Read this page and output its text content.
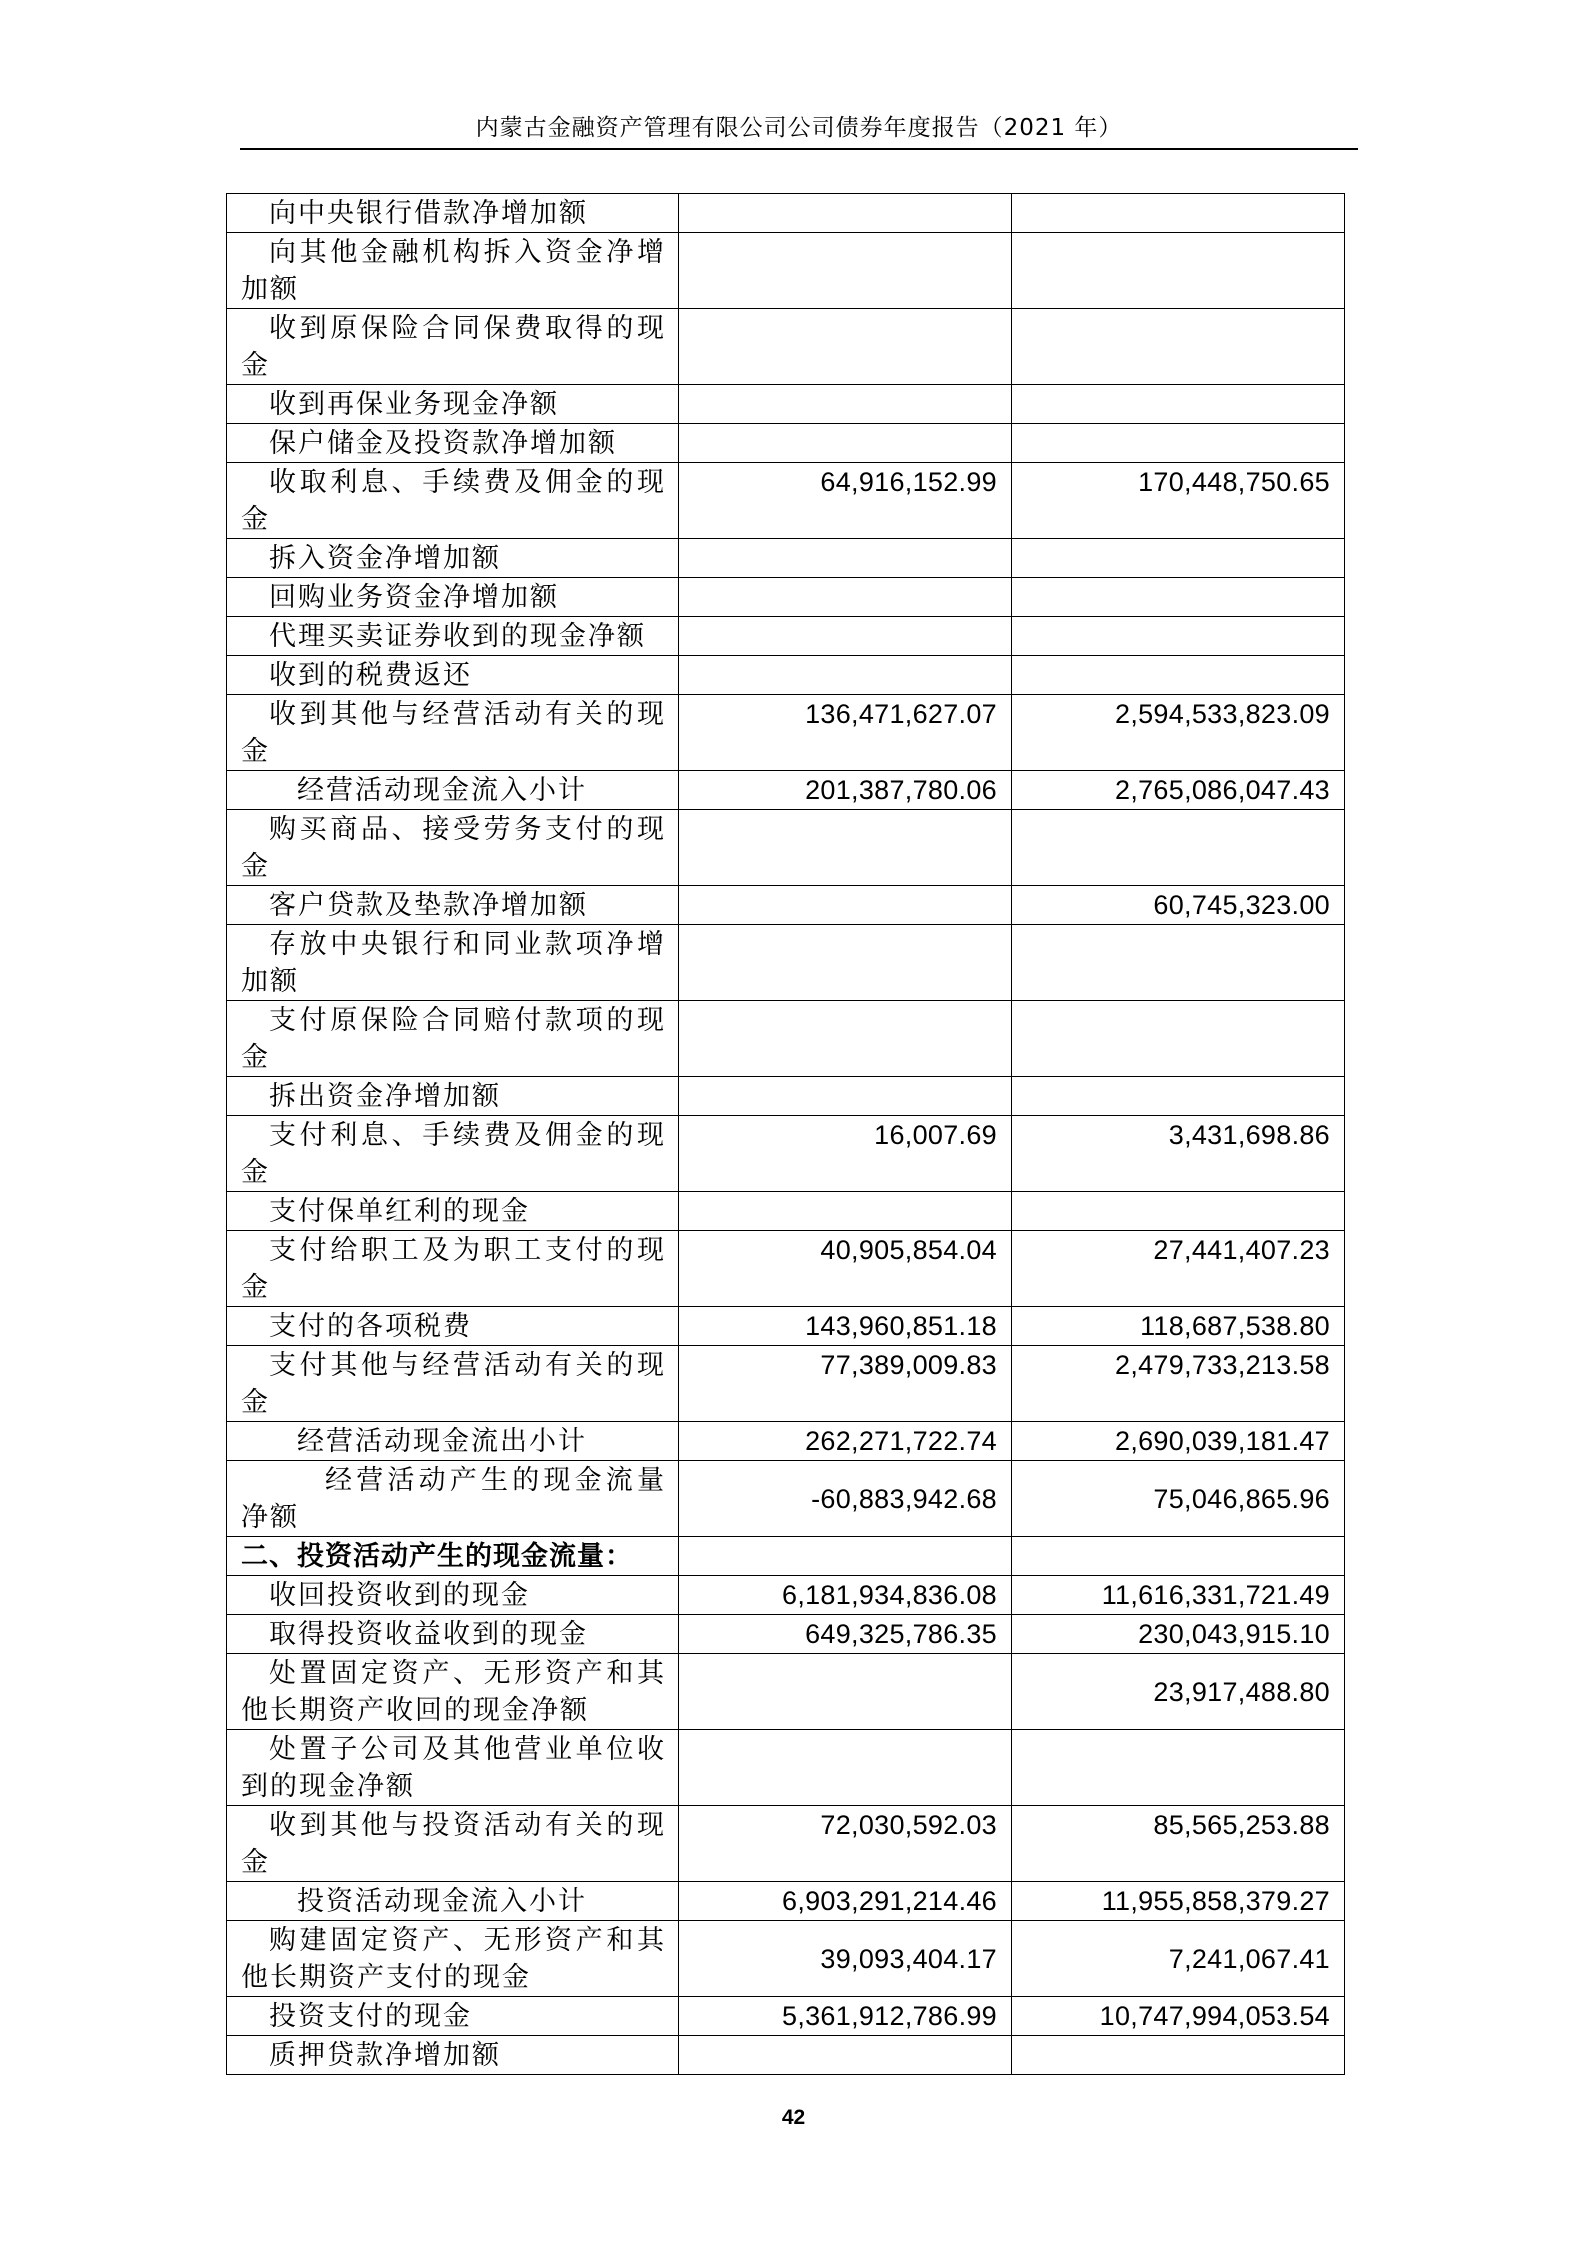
内蒙古金融资产管理有限公司公司债券年度报告（2021 年）
向中央银行借款净增加额		
向其他金融机构拆入资金净增加额		
收到原保险合同保费取得的现金		
收到再保业务现金净额		
保户储金及投资款净增加额		
收取利息、手续费及佣金的现金	64,916,152.99	170,448,750.65
拆入资金净增加额		
回购业务资金净增加额		
代理买卖证券收到的现金净额		
收到的税费返还		
收到其他与经营活动有关的现金	136,471,627.07	2,594,533,823.09
经营活动现金流入小计	201,387,780.06	2,765,086,047.43
购买商品、接受劳务支付的现金		
客户贷款及垫款净增加额		60,745,323.00
存放中央银行和同业款项净增加额		
支付原保险合同赔付款项的现金		
拆出资金净增加额		
支付利息、手续费及佣金的现金	16,007.69	3,431,698.86
支付保单红利的现金		
支付给职工及为职工支付的现金	40,905,854.04	27,441,407.23
支付的各项税费	143,960,851.18	118,687,538.80
支付其他与经营活动有关的现金	77,389,009.83	2,479,733,213.58
经营活动现金流出小计	262,271,722.74	2,690,039,181.47
经营活动产生的现金流量净额	-60,883,942.68	75,046,865.96
二、投资活动产生的现金流量：		
收回投资收到的现金	6,181,934,836.08	11,616,331,721.49
取得投资收益收到的现金	649,325,786.35	230,043,915.10
处置固定资产、无形资产和其他长期资产收回的现金净额		23,917,488.80
处置子公司及其他营业单位收到的现金净额		
收到其他与投资活动有关的现金	72,030,592.03	85,565,253.88
投资活动现金流入小计	6,903,291,214.46	11,955,858,379.27
购建固定资产、无形资产和其他长期资产支付的现金	39,093,404.17	7,241,067.41
投资支付的现金	5,361,912,786.99	10,747,994,053.54
质押贷款净增加额		
42
